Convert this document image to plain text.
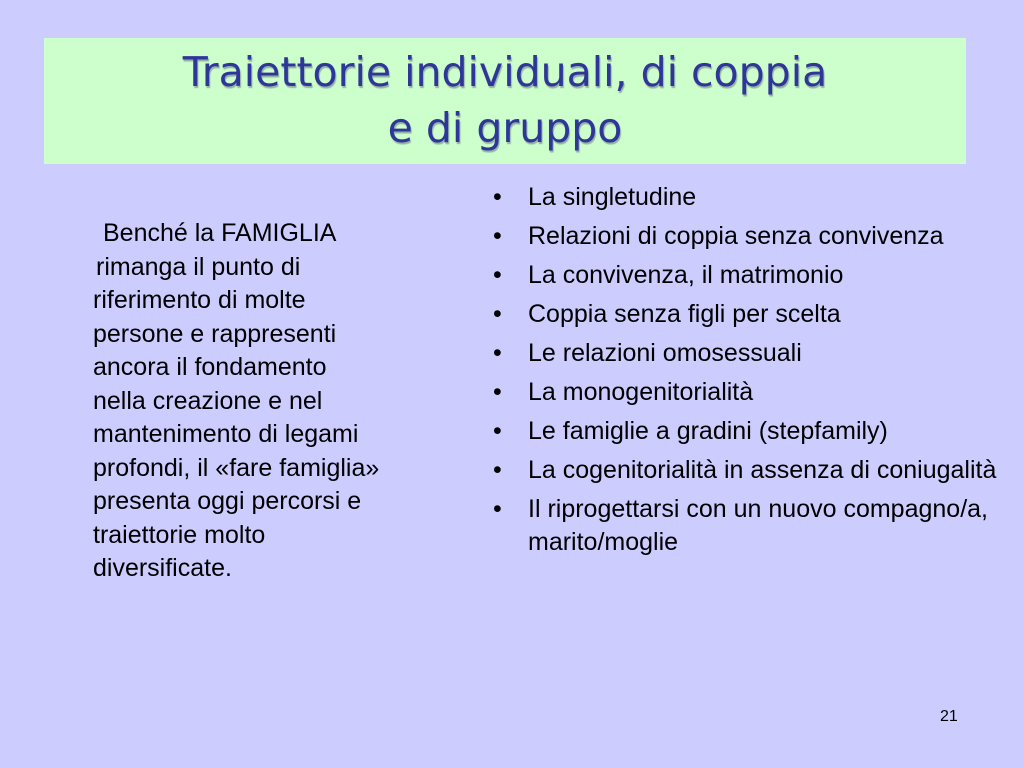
Traiettorie individuali, di coppia
e di gruppo
Benché la FAMIGLIA
rimanga il punto di
riferimento di molte
persone e rappresenti
ancora il fondamento
nella creazione e nel
mantenimento di legami
profondi, il «fare famiglia»
presenta oggi percorsi e
traiettorie molto
diversificate.
• La singletudine
• Relazioni di coppia senza convivenza
• La convivenza, il matrimonio
• Coppia senza figli per scelta
• Le relazioni omosessuali
• La monogenitorialità
• Le famiglie a gradini (stepfamily)
• La cogenitorialità in assenza di coniugalità
• Il riprogettarsi con un nuovo compagno/a, marito/moglie
21
